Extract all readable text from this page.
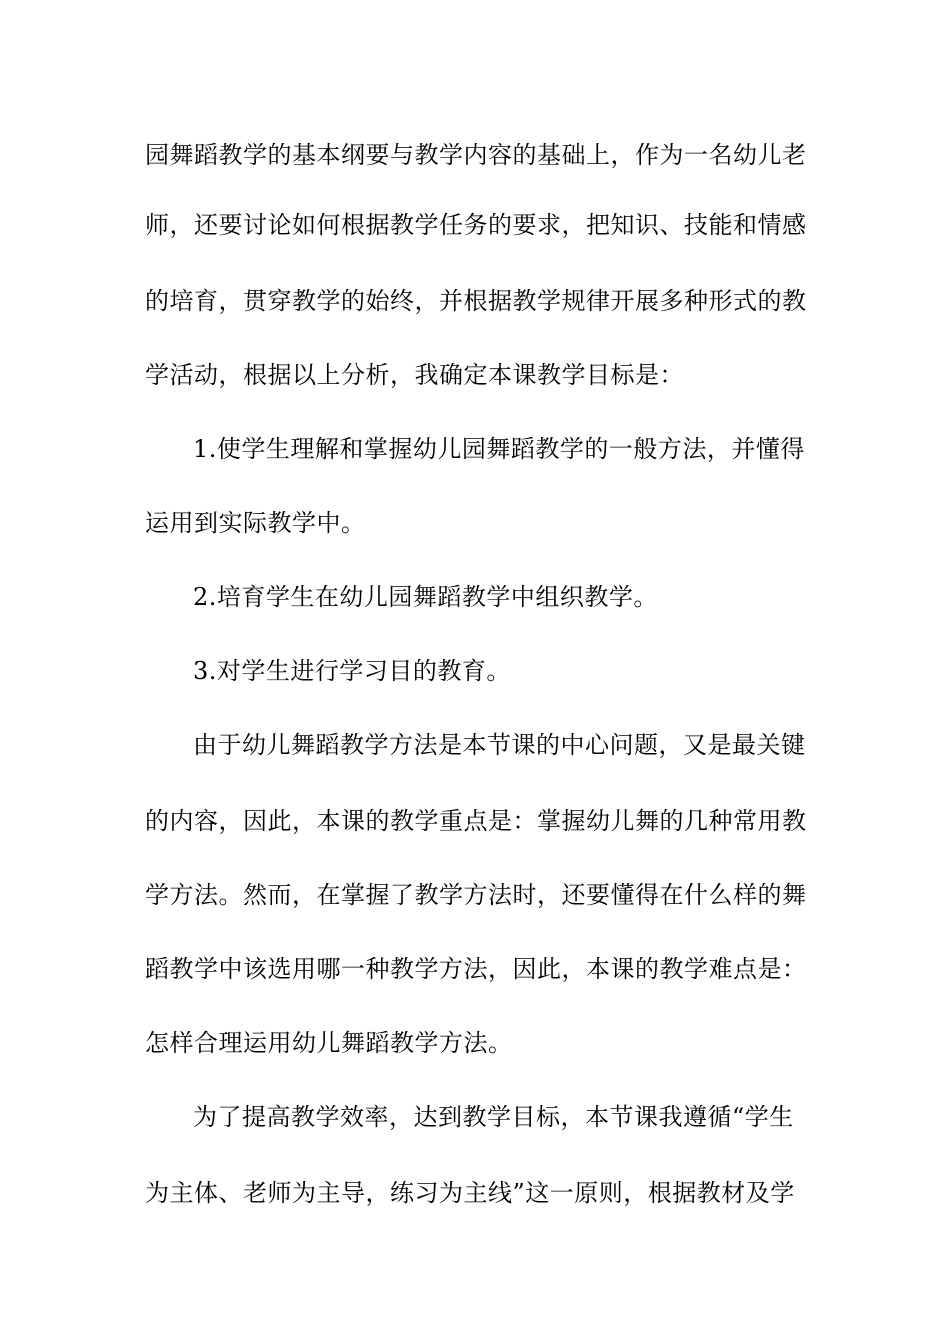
园舞蹈教学的基本纲要与教学内容的基础上，作为一名幼儿老
师，还要讨论如何根据教学任务的要求，把知识、技能和情感
的培育，贯穿教学的始终，并根据教学规律开展多种形式的教
学活动，根据以上分析，我确定本课教学目标是：
1.使学生理解和掌握幼儿园舞蹈教学的一般方法，并懂得
运用到实际教学中。
2.培育学生在幼儿园舞蹈教学中组织教学。
3.对学生进行学习目的教育。
由于幼儿舞蹈教学方法是本节课的中心问题，又是最关键
的内容，因此，本课的教学重点是：掌握幼儿舞的几种常用教
学方法。然而，在掌握了教学方法时，还要懂得在什么样的舞
蹈教学中该选用哪一种教学方法，因此，本课的教学难点是：
怎样合理运用幼儿舞蹈教学方法。
为了提高教学效率，达到教学目标，本节课我遵循“学生
为主体、老师为主导，练习为主线”这一原则，根据教材及学
